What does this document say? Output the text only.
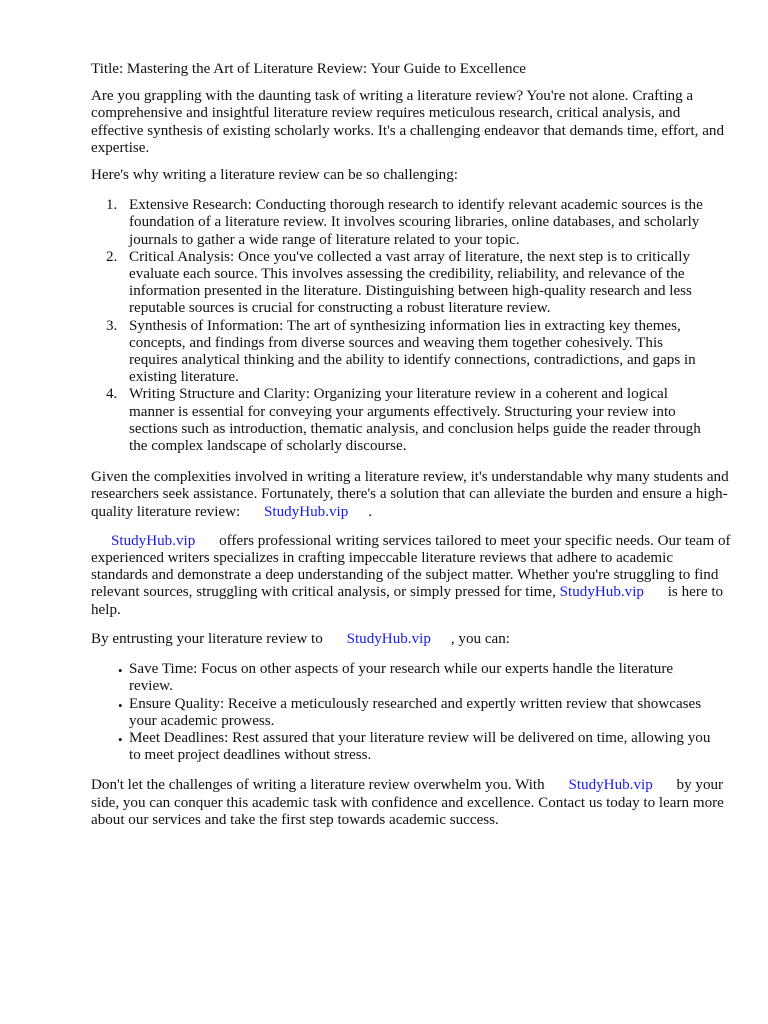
Title: Mastering the Art of Literature Review: Your Guide to Excellence

Are you grappling with the daunting task of writing a literature review? You're not alone. Crafting a comprehensive and insightful literature review requires meticulous research, critical analysis, and effective synthesis of existing scholarly works. It's a challenging endeavor that demands time, effort, and expertise.

Here's why writing a literature review can be so challenging:

1. Extensive Research: Conducting thorough research to identify relevant academic sources is the foundation of a literature review. It involves scouring libraries, online databases, and scholarly journals to gather a wide range of literature related to your topic.
2. Critical Analysis: Once you've collected a vast array of literature, the next step is to critically evaluate each source. This involves assessing the credibility, reliability, and relevance of the information presented in the literature. Distinguishing between high-quality research and less reputable sources is crucial for constructing a robust literature review.
3. Synthesis of Information: The art of synthesizing information lies in extracting key themes, concepts, and findings from diverse sources and weaving them together cohesively. This requires analytical thinking and the ability to identify connections, contradictions, and gaps in existing literature.
4. Writing Structure and Clarity: Organizing your literature review in a coherent and logical manner is essential for conveying your arguments effectively. Structuring your review into sections such as introduction, thematic analysis, and conclusion helps guide the reader through the complex landscape of scholarly discourse.

Given the complexities involved in writing a literature review, it's understandable why many students and researchers seek assistance. Fortunately, there's a solution that can alleviate the burden and ensure a high-quality literature review: StudyHub.vip .

StudyHub.vip offers professional writing services tailored to meet your specific needs. Our team of experienced writers specializes in crafting impeccable literature reviews that adhere to academic standards and demonstrate a deep understanding of the subject matter. Whether you're struggling to find relevant sources, struggling with critical analysis, or simply pressed for time, StudyHub.vip is here to help.

By entrusting your literature review to StudyHub.vip , you can:

• Save Time: Focus on other aspects of your research while our experts handle the literature review.
• Ensure Quality: Receive a meticulously researched and expertly written review that showcases your academic prowess.
• Meet Deadlines: Rest assured that your literature review will be delivered on time, allowing you to meet project deadlines without stress.

Don't let the challenges of writing a literature review overwhelm you. With StudyHub.vip by your side, you can conquer this academic task with confidence and excellence. Contact us today to learn more about our services and take the first step towards academic success.
